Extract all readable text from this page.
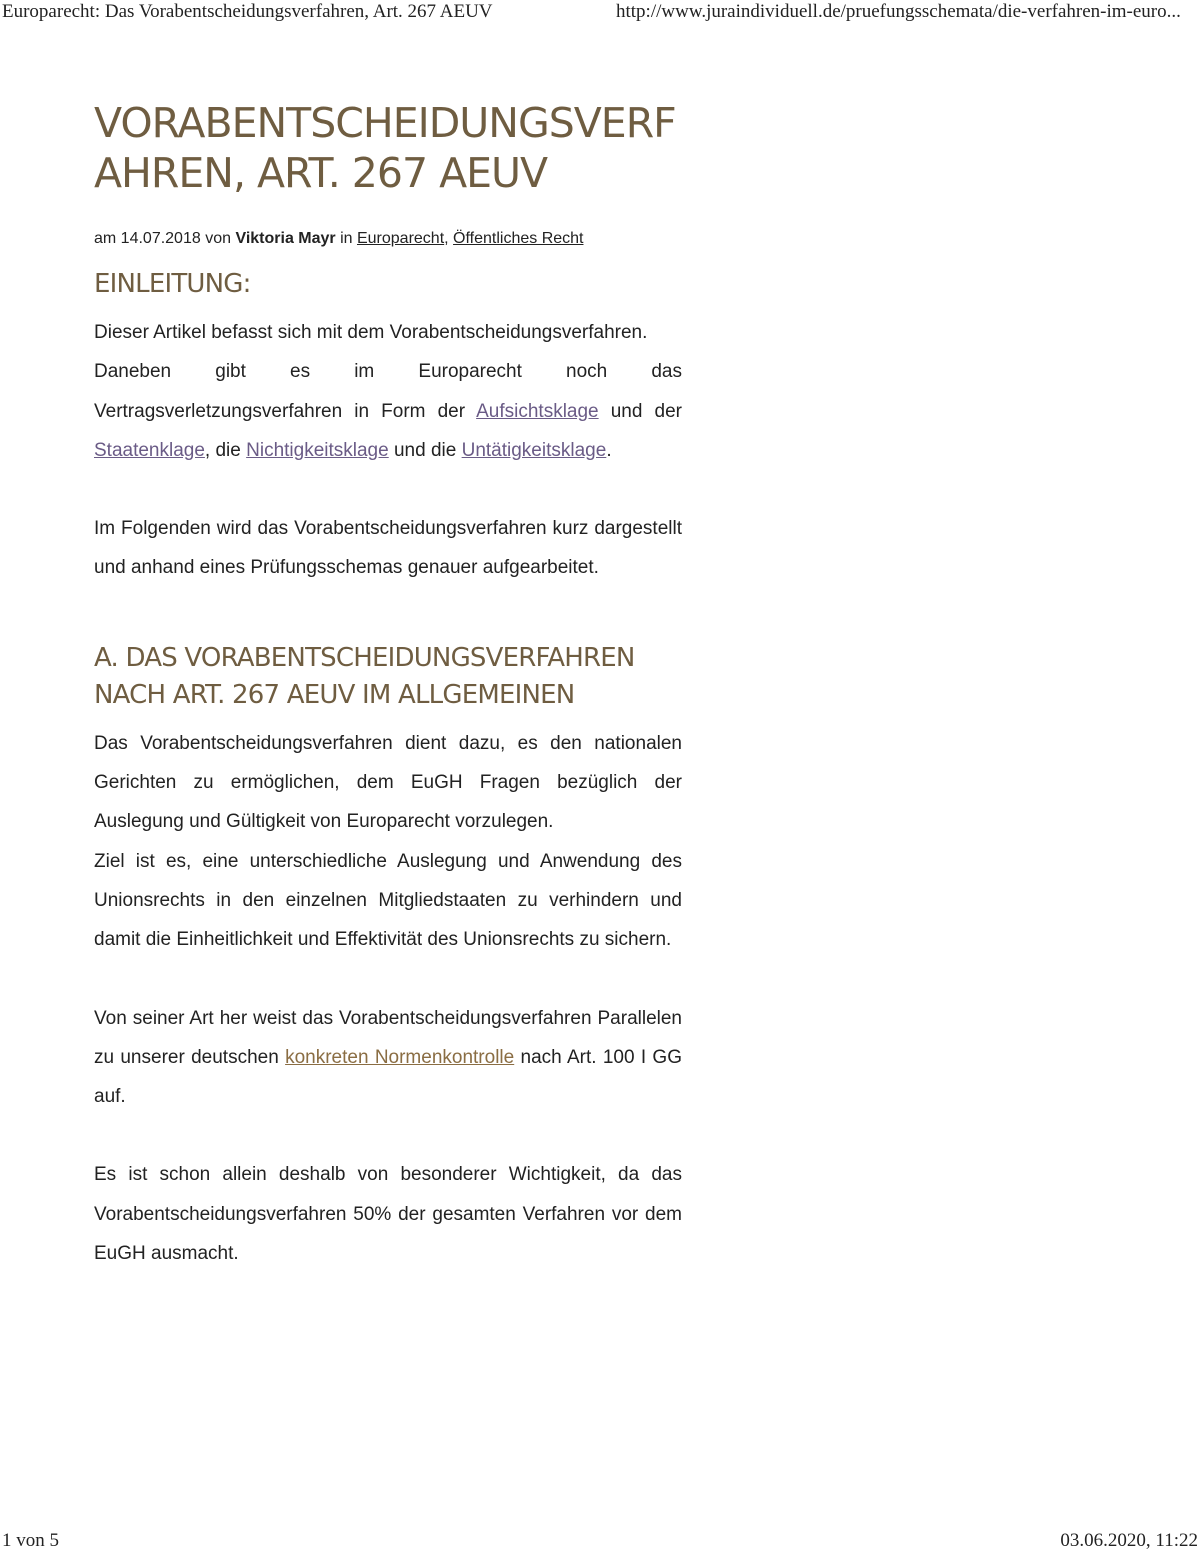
Europarecht: Das Vorabentscheidungsverfahren, Art. 267 AEUV	http://www.juraindividuell.de/pruefungsschemata/die-verfahren-im-euro...
VORABENTSCHEIDUNGSVERFAHREN, ART. 267 AEUV
am 14.07.2018 von Viktoria Mayr in Europarecht, Öffentliches Recht
EINLEITUNG:

Dieser Artikel befasst sich mit dem Vorabentscheidungsverfahren.

Daneben gibt es im Europarecht noch das Vertragsverletzungsverfahren in Form der Aufsichtsklage und der Staatenklage, die Nichtigkeitsklage und die Untätigkeitsklage.

Im Folgenden wird das Vorabentscheidungsverfahren kurz dargestellt und anhand eines Prüfungsschemas genauer aufgearbeitet.

A. DAS VORABENTSCHEIDUNGSVERFAHREN NACH ART. 267 AEUV IM ALLGEMEINEN

Das Vorabentscheidungsverfahren dient dazu, es den nationalen Gerichten zu ermöglichen, dem EuGH Fragen bezüglich der Auslegung und Gültigkeit von Europarecht vorzulegen.

Ziel ist es, eine unterschiedliche Auslegung und Anwendung des Unionsrechts in den einzelnen Mitgliedstaaten zu verhindern und damit die Einheitlichkeit und Effektivität des Unionsrechts zu sichern.

Von seiner Art her weist das Vorabentscheidungsverfahren Parallelen zu unserer deutschen konkreten Normenkontrolle nach Art. 100 I GG auf.

Es ist schon allein deshalb von besonderer Wichtigkeit, da das Vorabentscheidungsverfahren 50% der gesamten Verfahren vor dem EuGH ausmacht.

1 von 5	03.06.2020, 11:22
